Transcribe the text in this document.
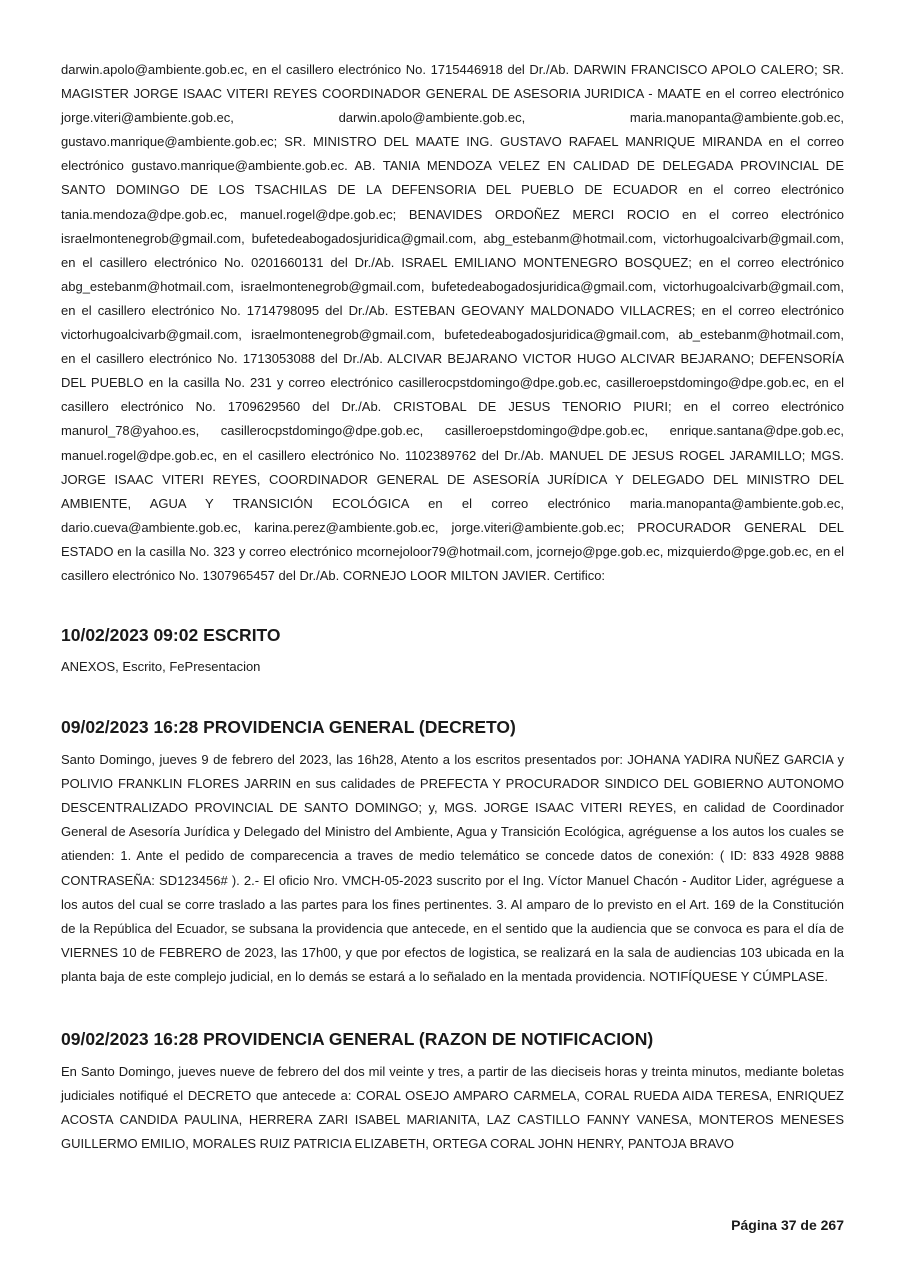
darwin.apolo@ambiente.gob.ec, en el casillero electrónico No. 1715446918 del Dr./Ab. DARWIN FRANCISCO APOLO CALERO; SR. MAGISTER JORGE ISAAC VITERI REYES COORDINADOR GENERAL DE ASESORIA JURIDICA - MAATE en el correo electrónico jorge.viteri@ambiente.gob.ec, darwin.apolo@ambiente.gob.ec, maria.manopanta@ambiente.gob.ec, gustavo.manrique@ambiente.gob.ec; SR. MINISTRO DEL MAATE ING. GUSTAVO RAFAEL MANRIQUE MIRANDA en el correo electrónico gustavo.manrique@ambiente.gob.ec. AB. TANIA MENDOZA VELEZ EN CALIDAD DE DELEGADA PROVINCIAL DE SANTO DOMINGO DE LOS TSACHILAS DE LA DEFENSORIA DEL PUEBLO DE ECUADOR en el correo electrónico tania.mendoza@dpe.gob.ec, manuel.rogel@dpe.gob.ec; BENAVIDES ORDOÑEZ MERCI ROCIO en el correo electrónico israelmontenegrob@gmail.com, bufetedeabogadosjuridica@gmail.com, abg_estebanm@hotmail.com, victorhugoalcivarb@gmail.com, en el casillero electrónico No. 0201660131 del Dr./Ab. ISRAEL EMILIANO MONTENEGRO BOSQUEZ; en el correo electrónico abg_estebanm@hotmail.com, israelmontenegrob@gmail.com, bufetedeabogadosjuridica@gmail.com, victorhugoalcivarb@gmail.com, en el casillero electrónico No. 1714798095 del Dr./Ab. ESTEBAN GEOVANY MALDONADO VILLACRES; en el correo electrónico victorhugoalcivarb@gmail.com, israelmontenegrob@gmail.com, bufetedeabogadosjuridica@gmail.com, ab_estebanm@hotmail.com, en el casillero electrónico No. 1713053088 del Dr./Ab. ALCIVAR BEJARANO VICTOR HUGO ALCIVAR BEJARANO; DEFENSORÍA DEL PUEBLO en la casilla No. 231 y correo electrónico casillerocpstdomingo@dpe.gob.ec, casilleroepstdomingo@dpe.gob.ec, en el casillero electrónico No. 1709629560 del Dr./Ab. CRISTOBAL DE JESUS TENORIO PIURI; en el correo electrónico manurol_78@yahoo.es, casillerocpstdomingo@dpe.gob.ec, casilleroepstdomingo@dpe.gob.ec, enrique.santana@dpe.gob.ec, manuel.rogel@dpe.gob.ec, en el casillero electrónico No. 1102389762 del Dr./Ab. MANUEL DE JESUS ROGEL JARAMILLO; MGS. JORGE ISAAC VITERI REYES, COORDINADOR GENERAL DE ASESORÍA JURÍDICA Y DELEGADO DEL MINISTRO DEL AMBIENTE, AGUA Y TRANSICIÓN ECOLÓGICA en el correo electrónico maria.manopanta@ambiente.gob.ec, dario.cueva@ambiente.gob.ec, karina.perez@ambiente.gob.ec, jorge.viteri@ambiente.gob.ec; PROCURADOR GENERAL DEL ESTADO en la casilla No. 323 y correo electrónico mcornejoloor79@hotmail.com, jcornejo@pge.gob.ec, mizquierdo@pge.gob.ec, en el casillero electrónico No. 1307965457 del Dr./Ab. CORNEJO LOOR MILTON JAVIER. Certifico:

10/02/2023 09:02 ESCRITO

ANEXOS, Escrito, FePresentacion

09/02/2023 16:28 PROVIDENCIA GENERAL (DECRETO)

Santo Domingo, jueves 9 de febrero del 2023, las 16h28, Atento a los escritos presentados por: JOHANA YADIRA NUÑEZ GARCIA y POLIVIO FRANKLIN FLORES JARRIN en sus calidades de PREFECTA Y PROCURADOR SINDICO DEL GOBIERNO AUTONOMO DESCENTRALIZADO PROVINCIAL DE SANTO DOMINGO; y, MGS. JORGE ISAAC VITERI REYES, en calidad de Coordinador General de Asesoría Jurídica y Delegado del Ministro del Ambiente, Agua y Transición Ecológica, agréguense a los autos los cuales se atienden: 1. Ante el pedido de comparecencia a traves de medio telemático se concede datos de conexión: ( ID: 833 4928 9888 CONTRASEÑA: SD123456# ). 2.- El oficio Nro. VMCH-05-2023 suscrito por el Ing. Víctor Manuel Chacón - Auditor Lider, agréguese a los autos del cual se corre traslado a las partes para los fines pertinentes. 3. Al amparo de lo previsto en el Art. 169 de la Constitución de la República del Ecuador, se subsana la providencia que antecede, en el sentido que la audiencia que se convoca es para el día de VIERNES 10 de FEBRERO de 2023, las 17h00, y que por efectos de logistica, se realizará en la sala de audiencias 103 ubicada en la planta baja de este complejo judicial, en lo demás se estará a lo señalado en la mentada providencia. NOTIFÍQUESE Y CÚMPLASE.

09/02/2023 16:28 PROVIDENCIA GENERAL (RAZON DE NOTIFICACION)

En Santo Domingo, jueves nueve de febrero del dos mil veinte y tres, a partir de las dieciseis horas y treinta minutos, mediante boletas judiciales notifiqué el DECRETO que antecede a: CORAL OSEJO AMPARO CARMELA, CORAL RUEDA AIDA TERESA, ENRIQUEZ ACOSTA CANDIDA PAULINA, HERRERA ZARI ISABEL MARIANITA, LAZ CASTILLO FANNY VANESA, MONTEROS MENESES GUILLERMO EMILIO, MORALES RUIZ PATRICIA ELIZABETH, ORTEGA CORAL JOHN HENRY, PANTOJA BRAVO

Página 37 de 267
